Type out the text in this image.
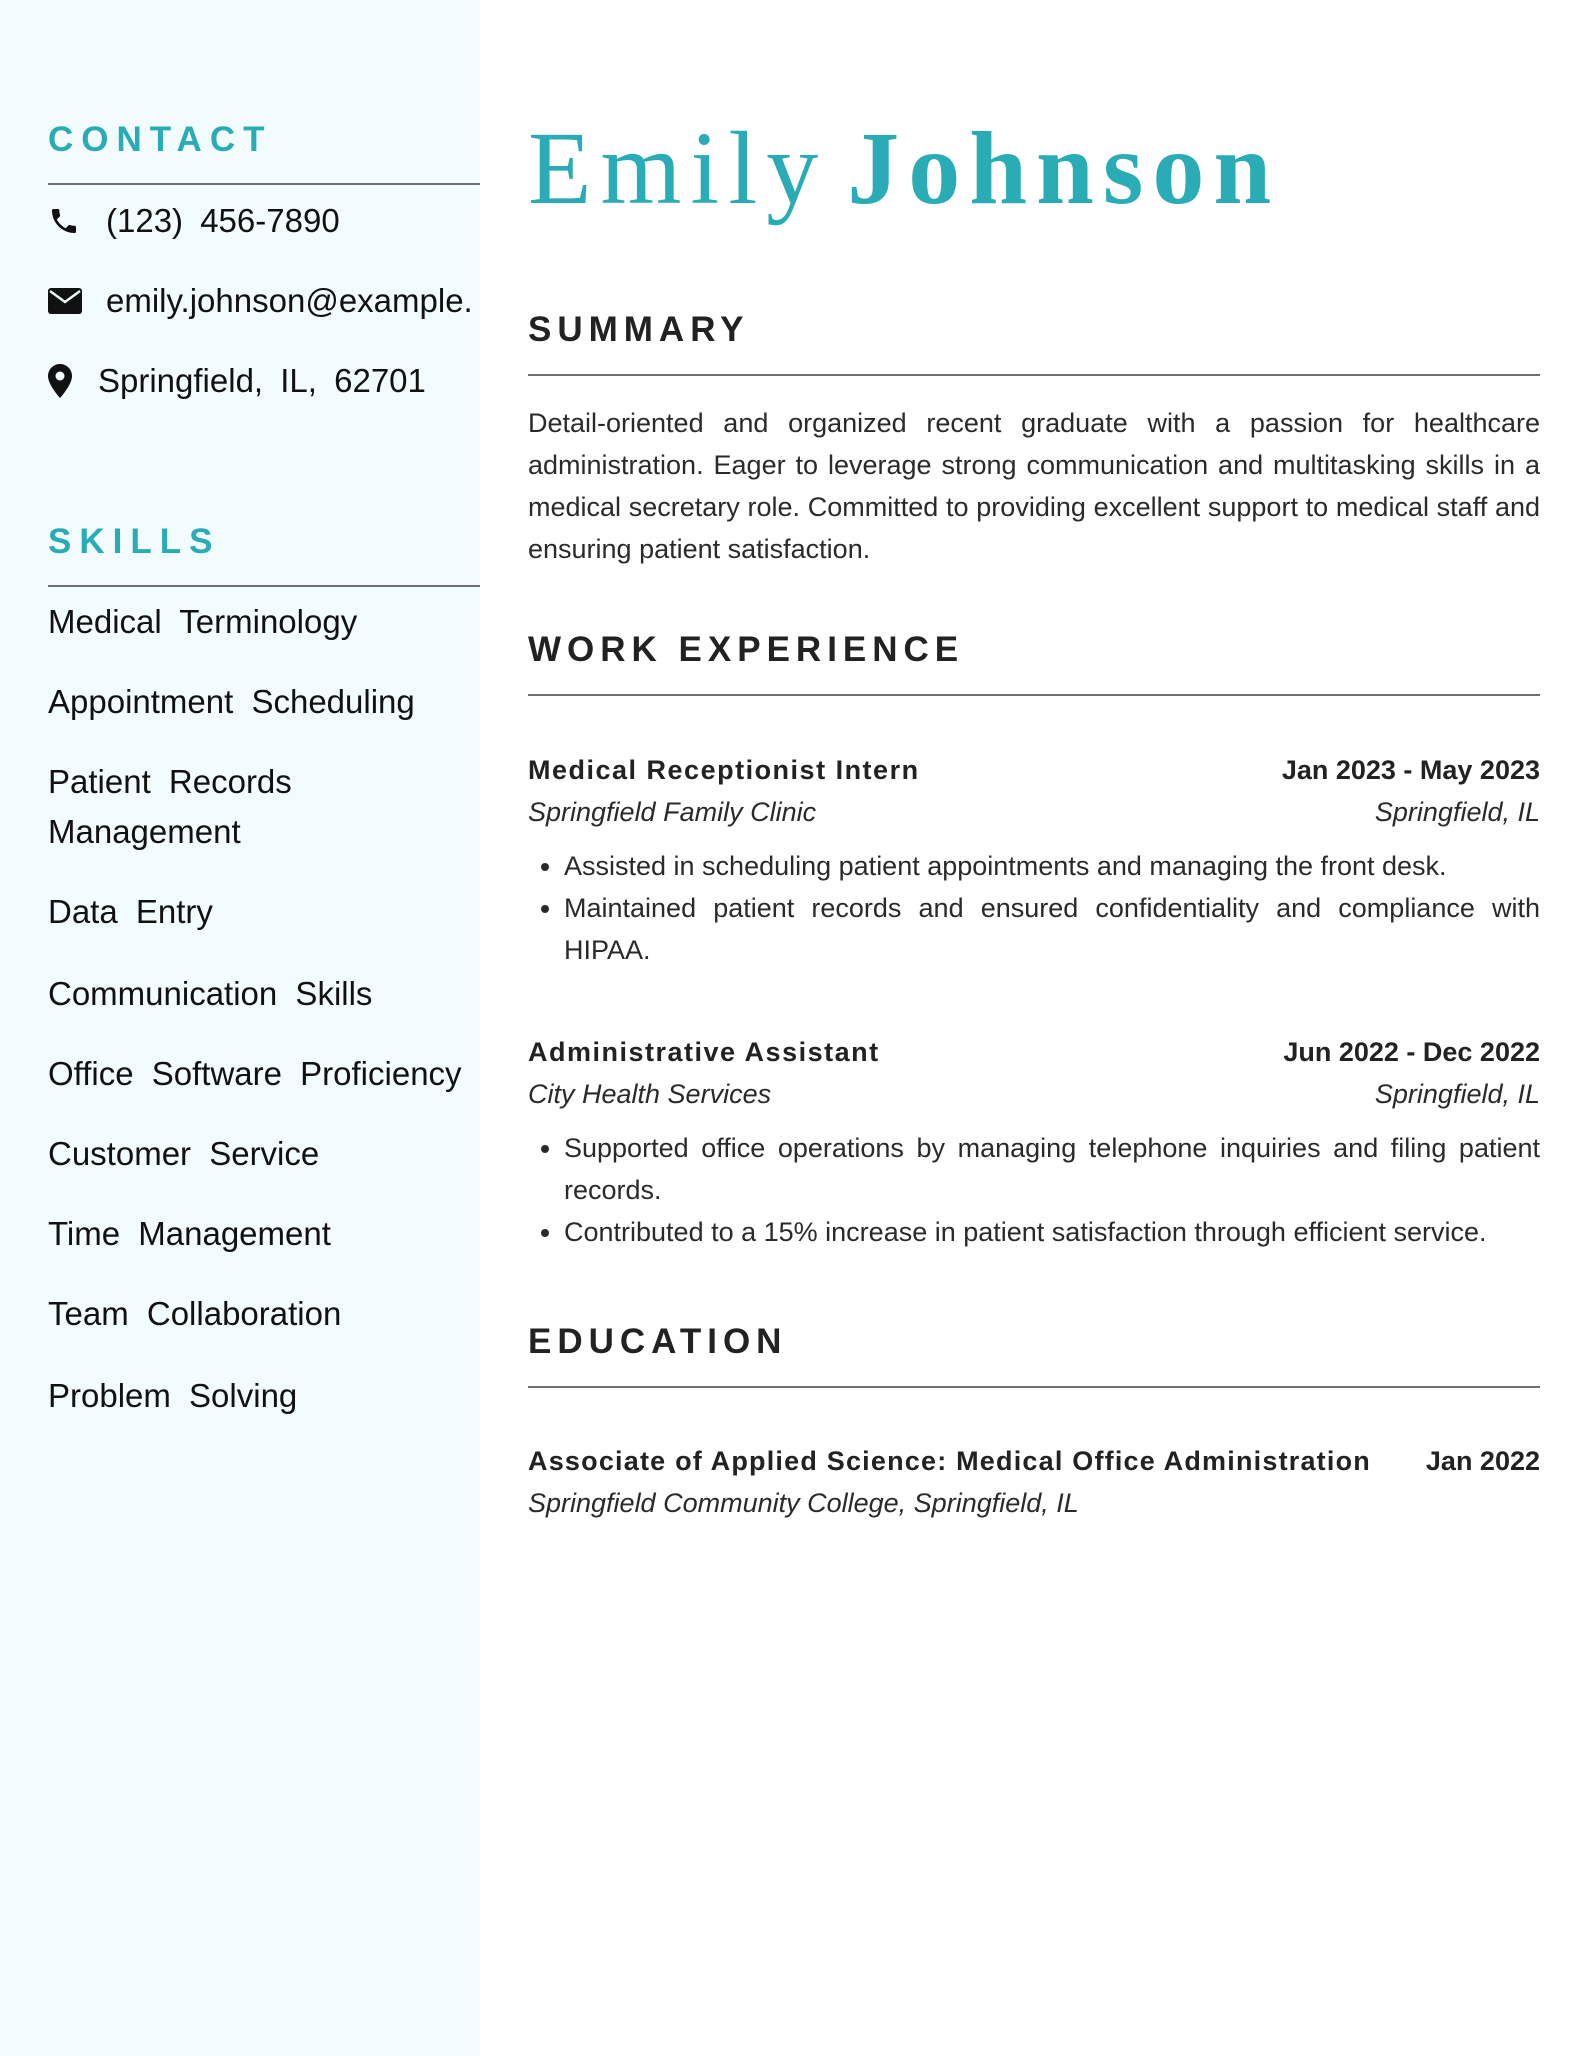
CONTACT
(123) 456-7890
emily.johnson@example.
Springfield, IL, 62701
SKILLS
Medical Terminology
Appointment Scheduling
Patient Records Management
Data Entry
Communication Skills
Office Software Proficiency
Customer Service
Time Management
Team Collaboration
Problem Solving
Emily Johnson
SUMMARY

Detail-oriented and organized recent graduate with a passion for healthcare administration. Eager to leverage strong communication and multitasking skills in a medical secretary role. Committed to providing excellent support to medical staff and ensuring patient satisfaction.

WORK EXPERIENCE
Medical Receptionist Intern	Jan 2023 - May 2023
Springfield Family Clinic	Springfield, IL
• Assisted in scheduling patient appointments and managing the front desk.
• Maintained patient records and ensured confidentiality and compliance with HIPAA.
Administrative Assistant	Jun 2022 - Dec 2022
City Health Services	Springfield, IL
• Supported office operations by managing telephone inquiries and filing patient records.
• Contributed to a 15% increase in patient satisfaction through efficient service.
EDUCATION
Associate of Applied Science: Medical Office Administration Jan 2022
Springfield Community College, Springfield, IL
